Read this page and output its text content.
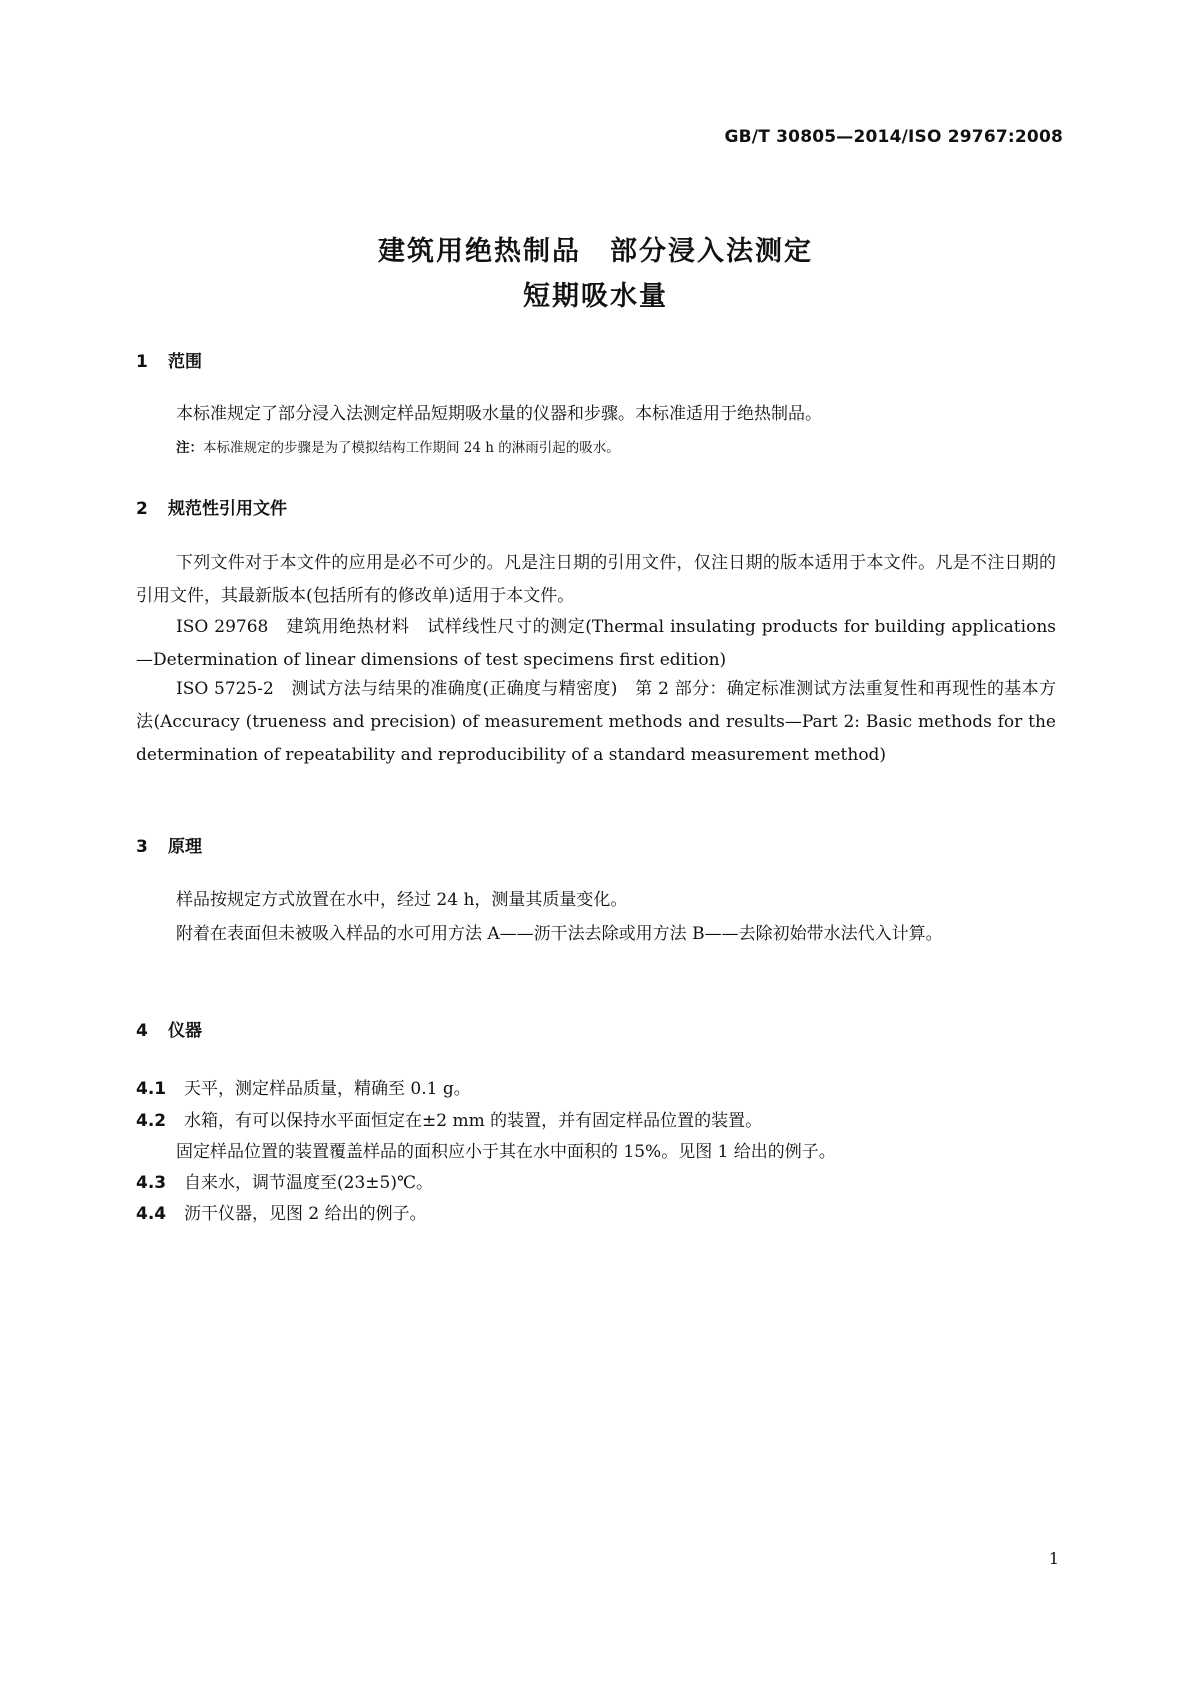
GB/T 30805—2014/ISO 29767:2008
建筑用绝热制品　部分浸入法测定
短期吸水量
1 范围
本标准规定了部分浸入法测定样品短期吸水量的仪器和步骤。本标准适用于绝热制品。
注：本标准规定的步骤是为了模拟结构工作期间 24 h 的淋雨引起的吸水。
2 规范性引用文件
下列文件对于本文件的应用是必不可少的。凡是注日期的引用文件，仅注日期的版本适用于本文件。凡是不注日期的引用文件，其最新版本(包括所有的修改单)适用于本文件。
ISO 29768　建筑用绝热材料　试样线性尺寸的测定(Thermal insulating products for building applications—Determination of linear dimensions of test specimens first edition)
ISO 5725-2　测试方法与结果的准确度(正确度与精密度)　第 2 部分：确定标准测试方法重复性和再现性的基本方法(Accuracy (trueness and precision) of measurement methods and results—Part 2: Basic methods for the determination of repeatability and reproducibility of a standard measurement method)
3 原理
样品按规定方式放置在水中，经过 24 h，测量其质量变化。
附着在表面但未被吸入样品的水可用方法 A——沥干法去除或用方法 B——去除初始带水法代入计算。
4 仪器
4.1 天平，测定样品质量，精确至 0.1 g。
4.2 水箱，有可以保持水平面恒定在±2 mm 的装置，并有固定样品位置的装置。
固定样品位置的装置覆盖样品的面积应小于其在水中面积的 15%。见图 1 给出的例子。
4.3 自来水，调节温度至(23±5)℃。
4.4 沥干仪器，见图 2 给出的例子。
1
